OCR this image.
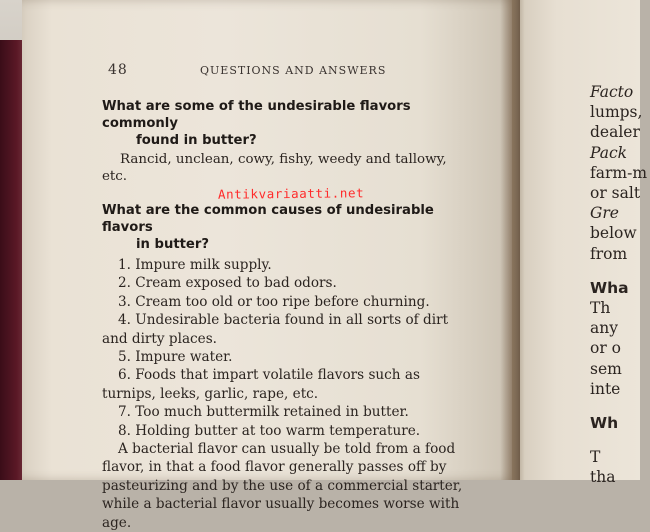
48	QUESTIONS AND ANSWERS
What are some of the undesirable flavors commonly
found in butter?
Rancid, unclean, cowy, fishy, weedy and tallowy,
etc.
What are the common causes of undesirable flavors
in butter?
1. Impure milk supply.
2. Cream exposed to bad odors.
3. Cream too old or too ripe before churning.
4. Undesirable bacteria found in all sorts of dirt
and dirty places.
5. Impure water.
6. Foods that impart volatile flavors such as
turnips, leeks, garlic, rape, etc.
7. Too much buttermilk retained in butter.
8. Holding butter at too warm temperature.
A bacterial flavor can usually be told from a food
flavor, in that a food flavor generally passes off by
pasteurizing and by the use of a commercial starter,
while a bacterial flavor usually becomes worse with
age.
Antikvariaatti.net
Facto
lumps,
dealer
Pack
farm-m
or salt
Gre
below
from
Wha
Th
any
or o
sem
inte
Wh
T
tha
